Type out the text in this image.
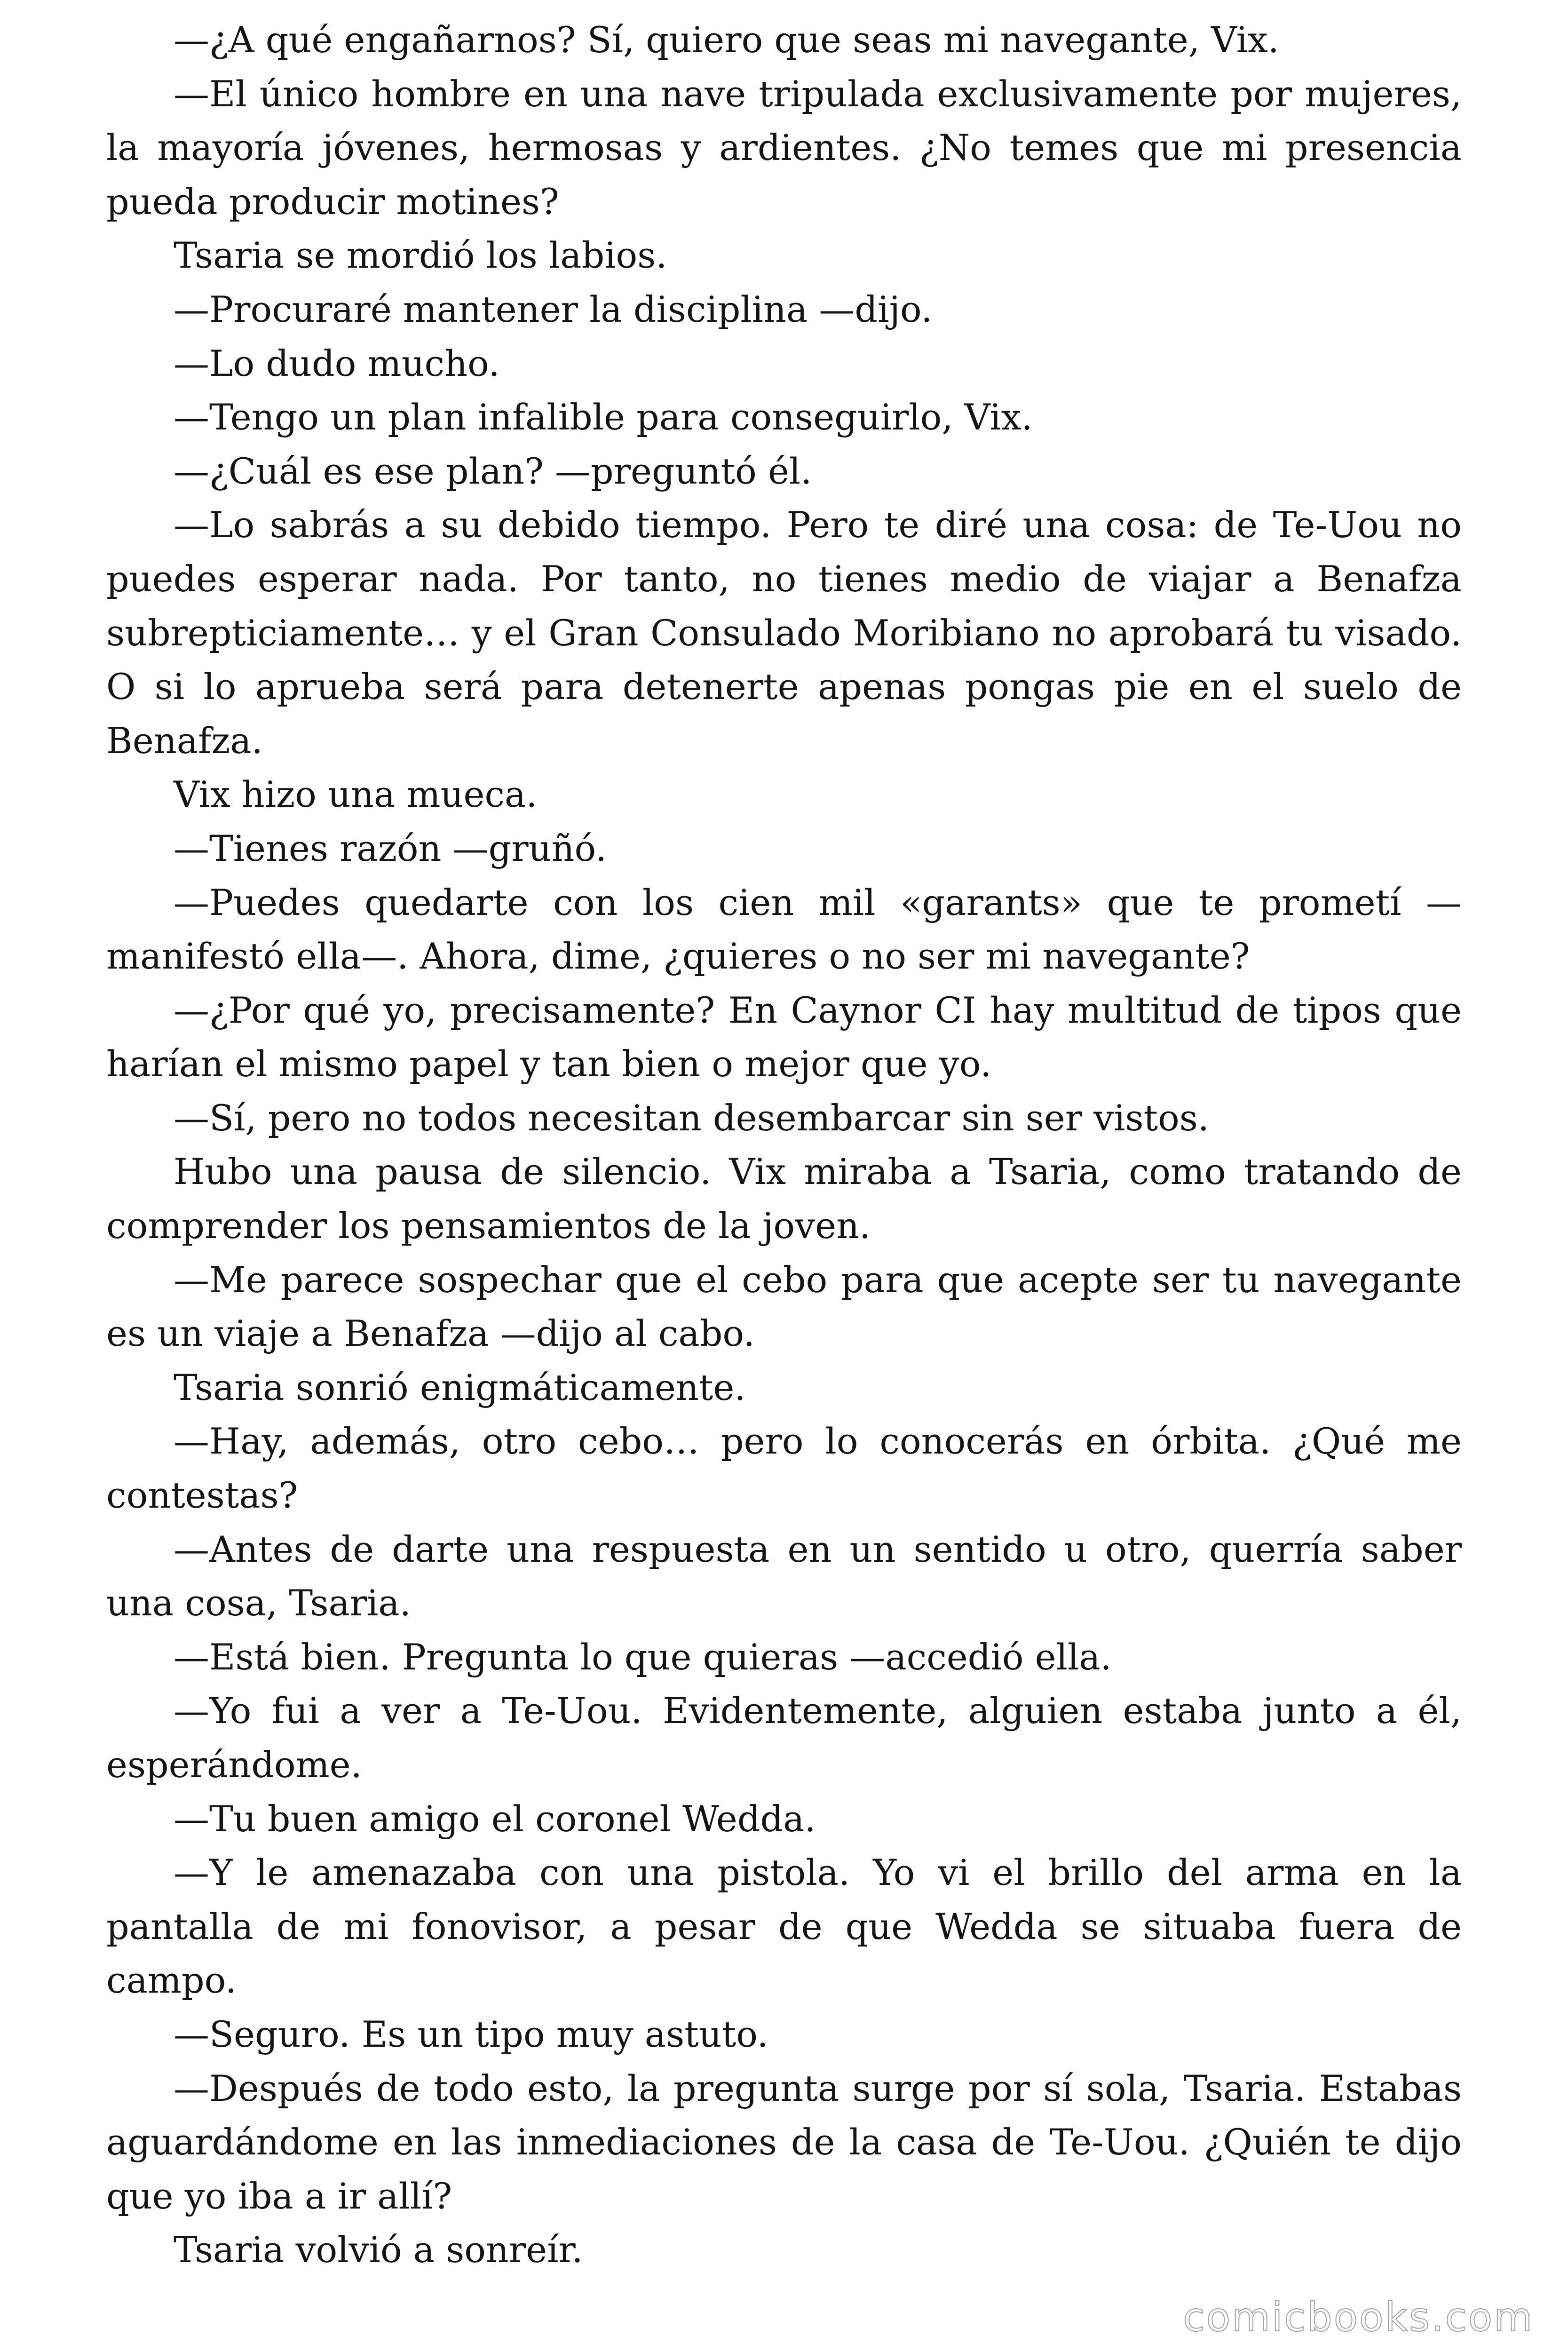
—¿A qué engañarnos? Sí, quiero que seas mi navegante, Vix.

—El único hombre en una nave tripulada exclusivamente por mujeres, la mayoría jóvenes, hermosas y ardientes. ¿No temes que mi presencia pueda producir motines?

Tsaria se mordió los labios.

—Procuraré mantener la disciplina —dijo.

—Lo dudo mucho.

—Tengo un plan infalible para conseguirlo, Vix.

—¿Cuál es ese plan? —preguntó él.

—Lo sabrás a su debido tiempo. Pero te diré una cosa: de Te-Uou no puedes esperar nada. Por tanto, no tienes medio de viajar a Benafza subrepticiamente… y el Gran Consulado Moribiano no aprobará tu visado. O si lo aprueba será para detenerte apenas pongas pie en el suelo de Benafza.

Vix hizo una mueca.

—Tienes razón —gruñó.

—Puedes quedarte con los cien mil «garants» que te prometí —manifestó ella—. Ahora, dime, ¿quieres o no ser mi navegante?

—¿Por qué yo, precisamente? En Caynor CI hay multitud de tipos que harían el mismo papel y tan bien o mejor que yo.

—Sí, pero no todos necesitan desembarcar sin ser vistos.

Hubo una pausa de silencio. Vix miraba a Tsaria, como tratando de comprender los pensamientos de la joven.

—Me parece sospechar que el cebo para que acepte ser tu navegante es un viaje a Benafza —dijo al cabo.

Tsaria sonrió enigmáticamente.

—Hay, además, otro cebo… pero lo conocerás en órbita. ¿Qué me contestas?

—Antes de darte una respuesta en un sentido u otro, querría saber una cosa, Tsaria.

—Está bien. Pregunta lo que quieras —accedió ella.

—Yo fui a ver a Te-Uou. Evidentemente, alguien estaba junto a él, esperándome.

—Tu buen amigo el coronel Wedda.

—Y le amenazaba con una pistola. Yo vi el brillo del arma en la pantalla de mi fonovisor, a pesar de que Wedda se situaba fuera de campo.

—Seguro. Es un tipo muy astuto.

—Después de todo esto, la pregunta surge por sí sola, Tsaria. Estabas aguardándome en las inmediaciones de la casa de Te-Uou. ¿Quién te dijo que yo iba a ir allí?

Tsaria volvió a sonreír.

comicbooks.com
